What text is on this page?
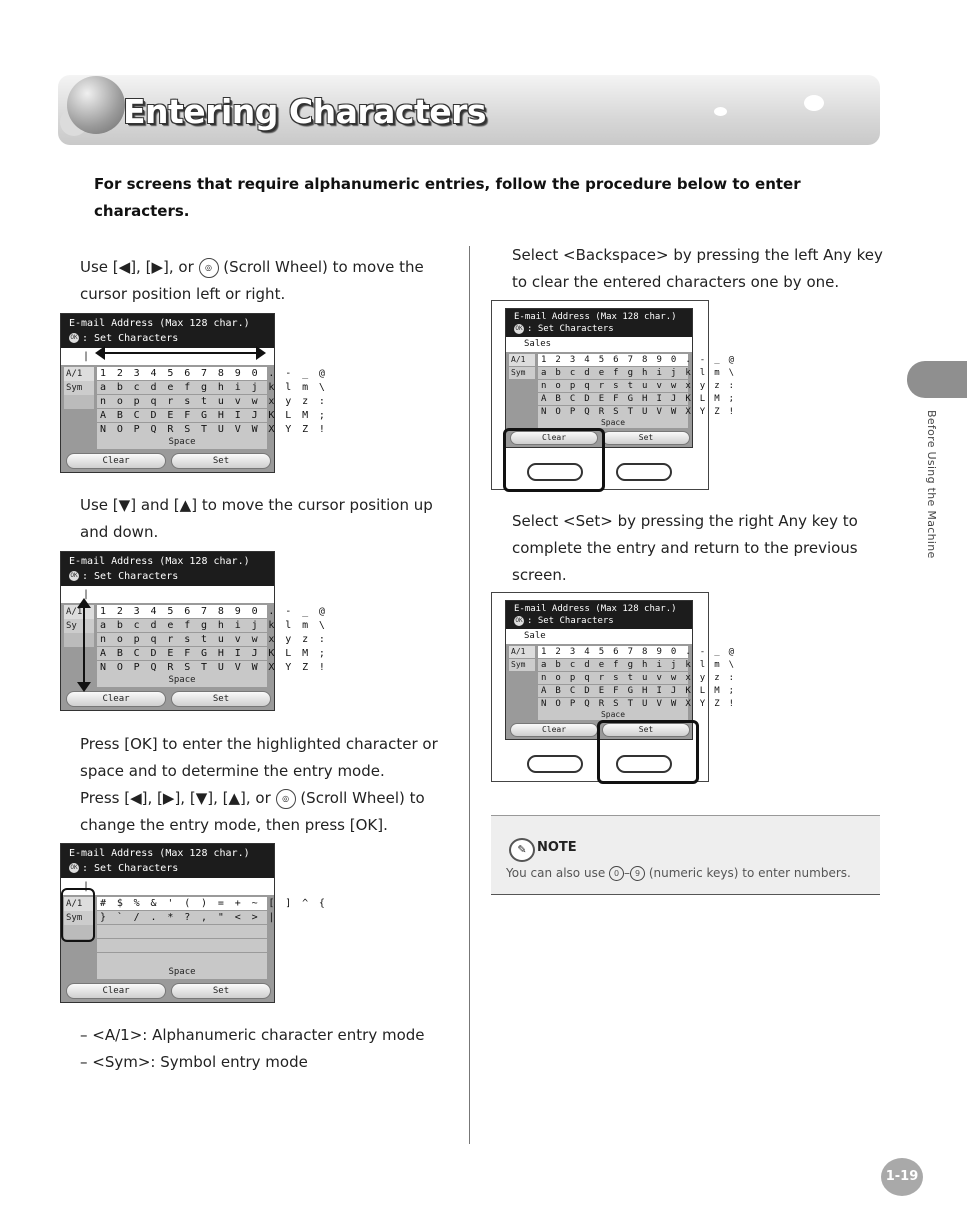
Entering Characters
For screens that require alphanumeric entries, follow the procedure below to enter characters.
Use [◀], [▶], or ◎ (Scroll Wheel) to move the
cursor position left or right.
E-mail Address (Max 128 char.)
OK : Set Characters
|
A/1
Sym
1 2 3 4 5 6 7 8 9 0 . - _ @
a b c d e f g h i j k l m \
n o p q r s t u v w x y z :
A B C D E F G H I J K L M ;
N O P Q R S T U V W X Y Z !
Space
Clear	Set
Use [▼] and [▲] to move the cursor position up
and down.
E-mail Address (Max 128 char.)
OK : Set Characters
|
A/1
Sy
1 2 3 4 5 6 7 8 9 0 . - _ @
a b c d e f g h i j k l m \
n o p q r s t u v w x y z :
A B C D E F G H I J K L M ;
N O P Q R S T U V W X Y Z !
Space
Clear	Set
Press [OK] to enter the highlighted character or
space and to determine the entry mode.
Press [◀], [▶], [▼], [▲], or ◎ (Scroll Wheel) to
change the entry mode, then press [OK].
E-mail Address (Max 128 char.)
OK : Set Characters
|
A/1
Sym
# $ % & ' ( ) = + ~ [ ] ^ {
} ` / . * ? , " < > |
Space
Clear	Set
– <A/1>: Alphanumeric character entry mode
– <Sym>: Symbol entry mode
Select <Backspace> by pressing the left Any key
to clear the entered characters one by one.
E-mail Address (Max 128 char.)
OK : Set Characters
Sales
A/1
Sym
1 2 3 4 5 6 7 8 9 0 . - _ @
a b c d e f g h i j k l m \
n o p q r s t u v w x y z :
A B C D E F G H I J K L M ;
N O P Q R S T U V W X Y Z !
Space
Clear	Set
Select <Set> by pressing the right Any key to
complete the entry and return to the previous
screen.
E-mail Address (Max 128 char.)
OK : Set Characters
Sale
A/1
Sym
1 2 3 4 5 6 7 8 9 0 . - _ @
a b c d e f g h i j k l m \
n o p q r s t u v w x y z :
A B C D E F G H I J K L M ;
N O P Q R S T U V W X Y Z !
Space
Clear	Set
✎ NOTE
You can also use 0 – 9 (numeric keys) to enter numbers.
Before Using the Machine
1-19
